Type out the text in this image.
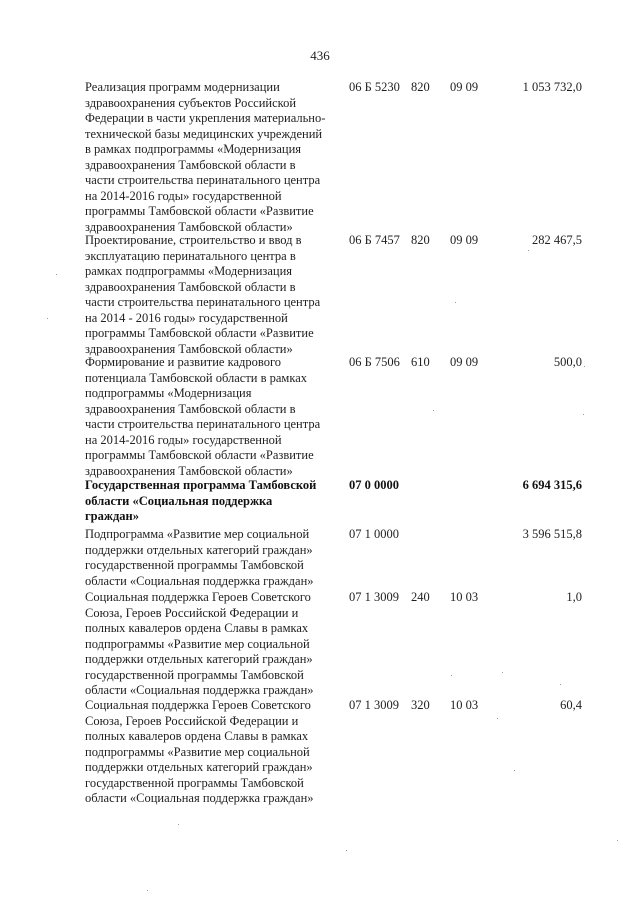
436
Реализация программ модернизации
здравоохранения субъектов Российской
Федерации в части укрепления материально-
технической базы медицинских учреждений
в рамках подпрограммы «Модернизация
здравоохранения Тамбовской области в
части строительства перинатального центра
на 2014-2016 годы» государственной
программы Тамбовской области «Развитие
здравоохранения Тамбовской области»
06 Б 5230 820	09 09	1 053 732,0
Проектирование, строительство и ввод в
эксплуатацию перинатального центра в
рамках подпрограммы «Модернизация
здравоохранения Тамбовской области в
части строительства перинатального центра
на 2014 - 2016 годы» государственной
программы Тамбовской области «Развитие
здравоохранения Тамбовской области»
06 Б 7457 820	09 09	282 467,5
Формирование и развитие кадрового
потенциала Тамбовской области в рамках
подпрограммы «Модернизация
здравоохранения Тамбовской области в
части строительства перинатального центра
на 2014-2016 годы» государственной
программы Тамбовской области «Развитие
здравоохранения Тамбовской области»
06 Б 7506 610	09 09	500,0
Государственная программа Тамбовской
области «Социальная поддержка
граждан»
07 0 0000	6 694 315,6
Подпрограмма «Развитие мер социальной
поддержки отдельных категорий граждан»
государственной программы Тамбовской
области «Социальная поддержка граждан»
07 1 0000	3 596 515,8
Социальная поддержка Героев Советского
Союза, Героев Российской Федерации и
полных кавалеров ордена Славы в рамках
подпрограммы «Развитие мер социальной
поддержки отдельных категорий граждан»
государственной программы Тамбовской
области «Социальная поддержка граждан»
07 1 3009 240	10 03	1,0
Социальная поддержка Героев Советского
Союза, Героев Российской Федерации и
полных кавалеров ордена Славы в рамках
подпрограммы «Развитие мер социальной
поддержки отдельных категорий граждан»
государственной программы Тамбовской
области «Социальная поддержка граждан»
07 1 3009 320	10 03	60,4
